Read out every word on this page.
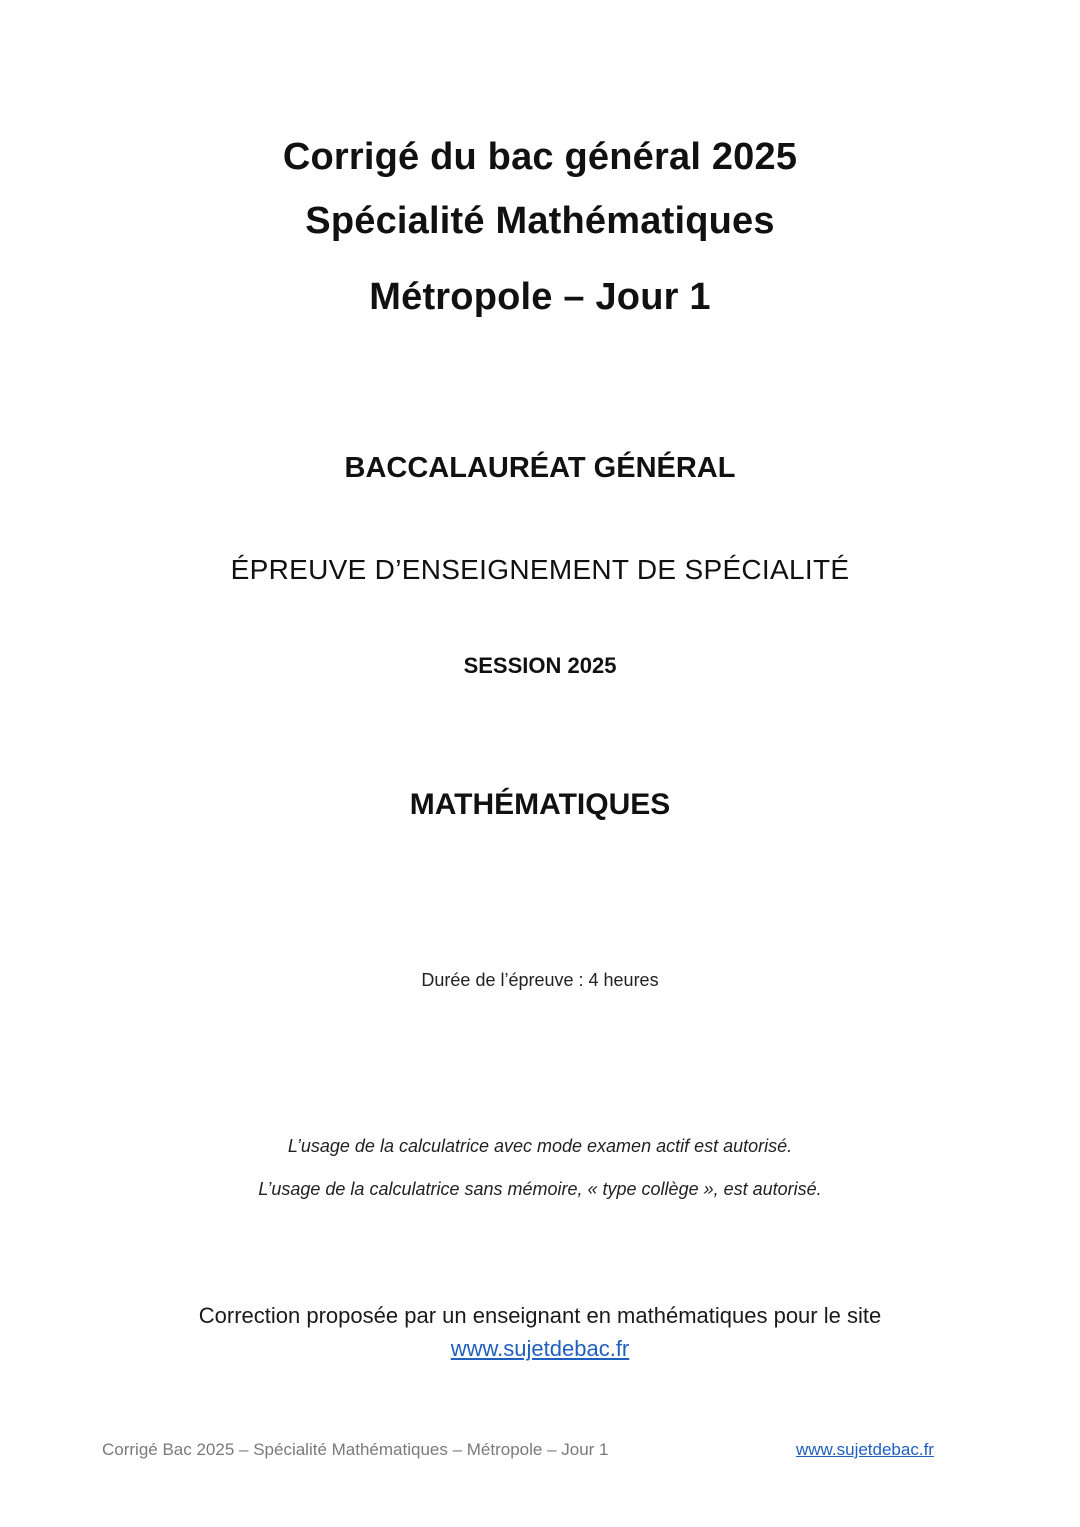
Corrigé du bac général 2025
Spécialité Mathématiques
Métropole – Jour 1
BACCALAURÉAT GÉNÉRAL
ÉPREUVE D’ENSEIGNEMENT DE SPÉCIALITÉ
SESSION 2025
MATHÉMATIQUES
Durée de l’épreuve : 4 heures
L’usage de la calculatrice avec mode examen actif est autorisé.
L’usage de la calculatrice sans mémoire, « type collège », est autorisé.
Correction proposée par un enseignant en mathématiques pour le site
www.sujetdebac.fr
Corrigé Bac 2025 – Spécialité Mathématiques – Métropole – Jour 1	www.sujetdebac.fr
